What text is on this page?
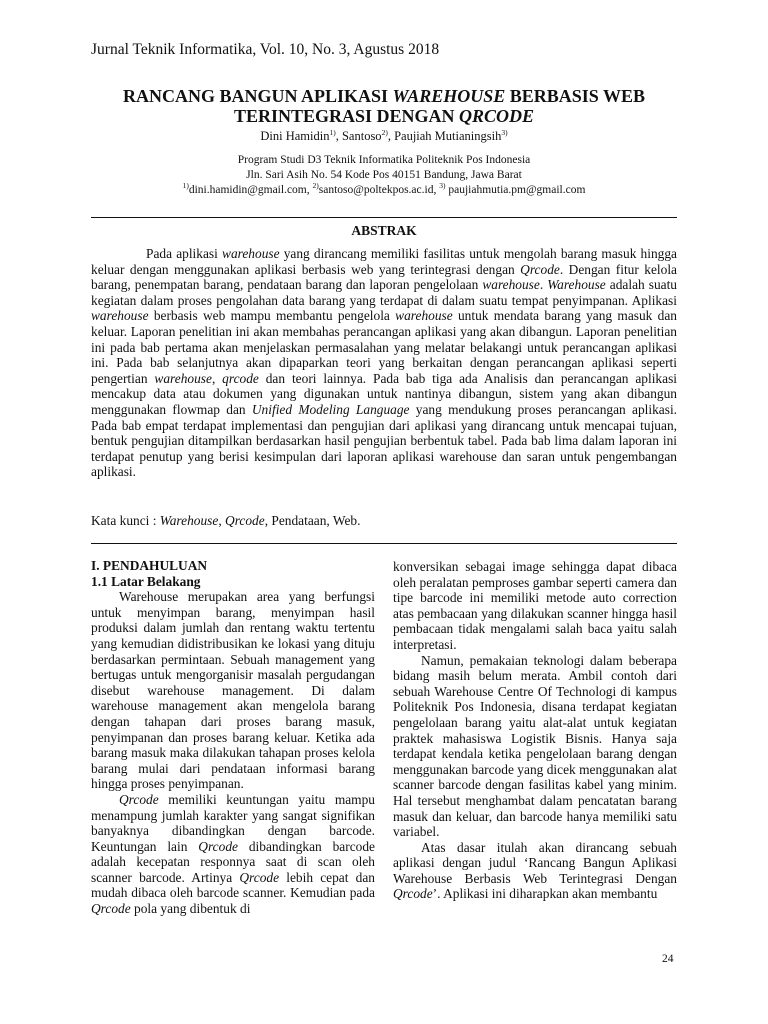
Jurnal Teknik Informatika, Vol. 10, No. 3, Agustus 2018

RANCANG BANGUN APLIKASI WAREHOUSE BERBASIS WEB
TERINTEGRASI DENGAN QRCODE

Dini Hamidin$^{1)}$, Santoso$^{2)}$, Paujiah Mutianingsih$^{3)}$

Program Studi D3 Teknik Informatika Politeknik Pos Indonesia
Jln. Sari Asih No. 54 Kode Pos 40151 Bandung, Jawa Barat

$^{1)}$dini.hamidin@gmail.com, $^{2)}$santoso@poltekpos.ac.id, $^{3)}$ paujiahmutia.pm@gmail.com

ABSTRAK

Pada aplikasi warehouse yang dirancang memiliki fasilitas untuk mengolah barang masuk hingga keluar dengan menggunakan aplikasi berbasis web yang terintegrasi dengan Qrcode. Dengan fitur kelola barang, penempatan barang, pendataan barang dan laporan pengelolaan warehouse. Warehouse adalah suatu kegiatan dalam proses pengolahan data barang yang terdapat di dalam suatu tempat penyimpanan. Aplikasi warehouse berbasis web mampu membantu pengelola warehouse untuk mendata barang yang masuk dan keluar. Laporan penelitian ini akan membahas perancangan aplikasi yang akan dibangun. Laporan penelitian ini pada bab pertama akan menjelaskan permasalahan yang melatar belakangi untuk perancangan aplikasi ini. Pada bab selanjutnya akan dipaparkan teori yang berkaitan dengan perancangan aplikasi seperti pengertian warehouse, qrcode dan teori lainnya. Pada bab tiga ada Analisis dan perancangan aplikasi mencakup data atau dokumen yang digunakan untuk nantinya dibangun, sistem yang akan dibangun menggunakan flowmap dan Unified Modeling Language yang mendukung proses perancangan aplikasi. Pada bab empat terdapat implementasi dan pengujian dari aplikasi yang dirancang untuk mencapai tujuan, bentuk pengujian ditampilkan berdasarkan hasil pengujian berbentuk tabel. Pada bab lima dalam laporan ini terdapat penutup yang berisi kesimpulan dari laporan aplikasi warehouse dan saran untuk pengembangan aplikasi.

Kata kunci : Warehouse, Qrcode, Pendataan, Web.

I. PENDAHULUAN

1.1 Latar Belakang

Warehouse merupakan area yang berfungsi untuk menyimpan barang, menyimpan hasil produksi dalam jumlah dan rentang waktu tertentu yang kemudian didistribusikan ke lokasi yang dituju berdasarkan permintaan. Sebuah management yang bertugas untuk mengorganisir masalah pergudangan disebut warehouse management. Di dalam warehouse management akan mengelola barang dengan tahapan dari proses barang masuk, penyimpanan dan proses barang keluar. Ketika ada barang masuk maka dilakukan tahapan proses kelola barang mulai dari pendataan informasi barang hingga proses penyimpanan.

Qrcode memiliki keuntungan yaitu mampu menampung jumlah karakter yang sangat signifikan banyaknya dibandingkan dengan barcode. Keuntungan lain Qrcode dibandingkan barcode adalah kecepatan responnya saat di scan oleh scanner barcode. Artinya Qrcode lebih cepat dan mudah dibaca oleh barcode scanner. Kemudian pada Qrcode pola yang dibentuk di

konversikan sebagai image sehingga dapat dibaca oleh peralatan pemproses gambar seperti camera dan tipe barcode ini memiliki metode auto correction atas pembacaan yang dilakukan scanner hingga hasil pembacaan tidak mengalami salah baca yaitu salah interpretasi.

Namun, pemakaian teknologi dalam beberapa bidang masih belum merata. Ambil contoh dari sebuah Warehouse Centre Of Technologi di kampus Politeknik Pos Indonesia, disana terdapat kegiatan pengelolaan barang yaitu alat-alat untuk kegiatan praktek mahasiswa Logistik Bisnis. Hanya saja terdapat kendala ketika pengelolaan barang dengan menggunakan barcode yang dicek menggunakan alat scanner barcode dengan fasilitas kabel yang minim. Hal tersebut menghambat dalam pencatatan barang masuk dan keluar, dan barcode hanya memiliki satu variabel.

Atas dasar itulah akan dirancang sebuah aplikasi dengan judul ‘Rancang Bangun Aplikasi Warehouse Berbasis Web Terintegrasi Dengan Qrcode’. Aplikasi ini diharapkan akan membantu

24
